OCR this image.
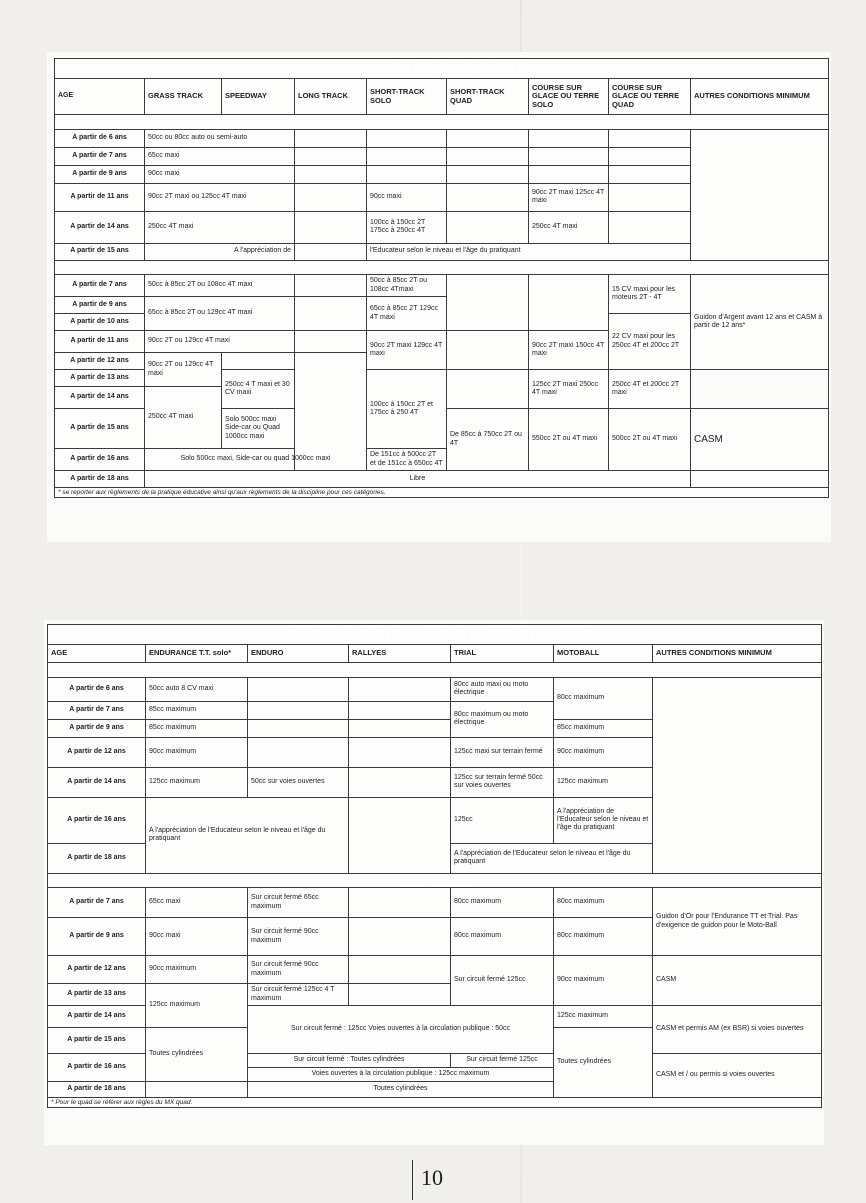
COURSES SUR PISTE									
AGE	GRASS TRACK	SPEEDWAY	LONG TRACK	SHORT-TRACK SOLO	SHORT-TRACK QUAD	COURSE SUR GLACE OU TERRE SOLO	COURSE SUR GLACE OU TERRE QUAD	AUTRES CONDITIONS MINIMUM	
Educatif									
A partir de 6 ans	50cc ou 80cc auto ou semi-auto								
A partir de 7 ans	65cc maxi								
A partir de 9 ans	90cc maxi								
A partir de 11 ans	90cc 2T maxi ou 125cc 4T maxi			90cc maxi		90cc 2T maxi 125cc 4T maxi			
A partir de 14 ans	250cc 4T maxi			100cc à 150cc 2T 175cc à 250cc 4T		250cc 4T maxi			
A partir de 15 ans	A l'appréciation de			l'Educateur selon le niveau et l'âge du pratiquant					
Compétition									
A partir de 7 ans	50cc à 85cc 2T ou 108cc 4T maxi			50cc à 85cc 2T ou 108cc 4Tmaxi			15 CV maxi pour les moteurs 2T - 4T	Guidon d'Argent avant 12 ans et CASM à partir de 12 ans*	
A partir de 9 ans	65cc à 85cc 2T ou 129cc 4T maxi			65cc à 85cc 2T 129cc 4T maxi					
A partir de 10 ans							22 CV maxi pour les 250cc 4T et 200cc 2T		
A partir de 11 ans	90cc 2T ou 129cc 4T maxi			90cc 2T maxi 129cc 4T maxi		90cc 2T maxi 150cc 4T maxi			
A partir de 12 ans	90cc 2T ou 129cc 4T maxi								
A partir de 13 ans		250cc 4 T maxi et 30 CV maxi		100cc à 150cc 2T et 175cc à 250 4T		125cc 2T maxi 250cc 4T maxi	250cc 4T et 200cc 2T maxi		
A partir de 14 ans	250cc 4T maxi								
A partir de 15 ans		Solo 500cc maxi Side-car ou Quad 1000cc maxi			De 85cc à 750cc 2T ou 4T	550cc 2T ou 4T maxi	500cc 2T ou 4T maxi	CASM	
A partir de 16 ans	Solo 500cc maxi, Side-car ou quad 1000cc maxi			De 151cc à 500cc 2T et de 151cc à 650cc 4T					
A partir de 18 ans	Libre								
* se reporter aux règlements de la pratique éducative ainsi qu'aux règlements de la discipline pour ces catégories.									
AUTRES DISCIPLINES OU SPECIALITES						
AGE	ENDURANCE T.T. solo*	ENDURO	RALLYES	TRIAL	MOTOBALL	AUTRES CONDITIONS MINIMUM
Educatif						
A partir de 6 ans	50cc auto 8 CV maxi			80cc auto maxi ou moto électrique	80cc maximum	
A partir de 7 ans	85cc maximum			80cc maximum ou moto électrique		
A partir de 9 ans	85cc maximum				85cc maximum	
A partir de 12 ans	90cc maximum			125cc maxi sur terrain fermé	90cc maximum	
A partir de 14 ans	125cc maximum	50cc sur voies ouvertes		125cc sur terrain fermé 50cc sur voies ouvertes	125cc maximum	
A partir de 16 ans	A l'appréciation de l'Educateur selon le niveau et l'âge du pratiquant			125cc	A l'appréciation de l'Educateur selon le niveau et l'âge du pratiquant	
A partir de 18 ans				A l'appréciation de l'Educateur selon le niveau et l'âge du pratiquant		
Compétition						
A partir de 7 ans	65cc maxi	Sur circuit fermé 65cc maximum		80cc maximum	80cc maximum	Guidon d'Or pour l'Endurance TT et Trial. Pas d'exigence de guidon pour le Moto-Ball
A partir de 9 ans	90cc maxi	Sur circuit fermé 90cc maximum		80cc maximum	80cc maximum	
A partir de 12 ans	90cc maximum	Sur circuit fermé 90cc maximum		Sur circuit fermé 125cc	90cc maximum	CASM
A partir de 13 ans	125cc maximum	Sur circuit fermé 125cc 4 T maximum				
A partir de 14 ans		Sur circuit fermé : 125cc Voies ouvertes à la circulation publique : 50cc			125cc maximum	CASM et permis AM (ex BSR) si voies ouvertes
A partir de 15 ans	Toutes cylindrées				Toutes cylindrées	
A partir de 16 ans		Sur circuit fermé : Toutes cylindrées		Sur circuit fermé 125cc		CASM et / ou permis si voies ouvertes
		Voies ouvertes à la circulation publique : 125cc maximum				
A partir de 18 ans		Toutes cylindrées				
* Pour le quad se référer aux règles du MX quad.						
10
